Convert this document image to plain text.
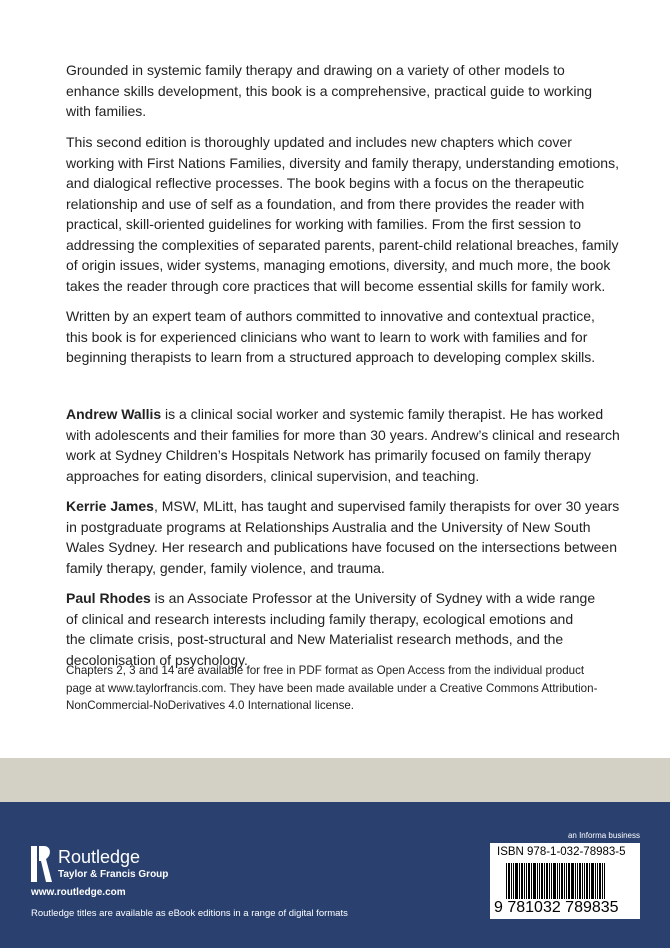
Grounded in systemic family therapy and drawing on a variety of other models to
enhance skills development, this book is a comprehensive, practical guide to working
with families.
This second edition is thoroughly updated and includes new chapters which cover
working with First Nations Families, diversity and family therapy, understanding emotions,
and dialogical reflective processes. The book begins with a focus on the therapeutic
relationship and use of self as a foundation, and from there provides the reader with
practical, skill-oriented guidelines for working with families. From the first session to
addressing the complexities of separated parents, parent-child relational breaches, family
of origin issues, wider systems, managing emotions, diversity, and much more, the book
takes the reader through core practices that will become essential skills for family work.
Written by an expert team of authors committed to innovative and contextual practice,
this book is for experienced clinicians who want to learn to work with families and for
beginning therapists to learn from a structured approach to developing complex skills.
Andrew Wallis is a clinical social worker and systemic family therapist. He has worked
with adolescents and their families for more than 30 years. Andrew’s clinical and research
work at Sydney Children’s Hospitals Network has primarily focused on family therapy
approaches for eating disorders, clinical supervision, and teaching.
Kerrie James, MSW, MLitt, has taught and supervised family therapists for over 30 years
in postgraduate programs at Relationships Australia and the University of New South
Wales Sydney. Her research and publications have focused on the intersections between
family therapy, gender, family violence, and trauma.
Paul Rhodes is an Associate Professor at the University of Sydney with a wide range
of clinical and research interests including family therapy, ecological emotions and
the climate crisis, post-structural and New Materialist research methods, and the
decolonisation of psychology.
Chapters 2, 3 and 14 are available for free in PDF format as Open Access from the individual product
page at www.taylorfrancis.com. They have been made available under a Creative Commons Attribution-
NonCommercial-NoDerivatives 4.0 International license.
Routledge
Taylor & Francis Group
www.routledge.com
Routledge titles are available as eBook editions in a range of digital formats
an Informa business
ISBN 978-1-032-78983-5
9 781032 789835
